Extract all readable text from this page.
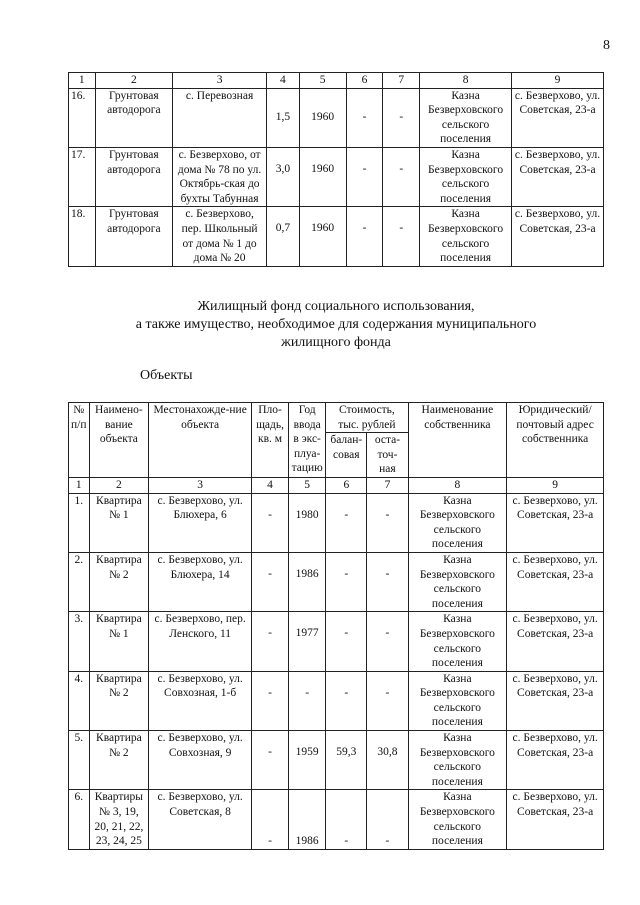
8
1	2	3	4	5	6	7	8	9
16.	Грунтовая автодорога	с. Перевозная	1,5	1960	-	-	Казна Безверховского сельского поселения	с. Безверхово, ул. Советская, 23-а
17.	Грунтовая автодорога	с. Безверхово, от дома № 78 по ул. Октябрь-ская до бухты Табунная	3,0	1960	-	-	Казна Безверховского сельского поселения	с. Безверхово, ул. Советская, 23-а
18.	Грунтовая автодорога	с. Безверхово, пер. Школьный от дома № 1 до дома № 20	0,7	1960	-	-	Казна Безверховского сельского поселения	с. Безверхово, ул. Советская, 23-а
Жилищный фонд социального использования,
а также имущество, необходимое для содержания муниципального
жилищного фонда
Объекты
№ п/п	Наимено-вание объекта	Местонахожде-ние объекта	Пло-щадь, кв. м	Год ввода в экс-плуа-тацию	Стоимость, тыс. рублей		Наименование собственника	Юридический/ почтовый адрес собственника
					балан-совая	оста-точ-ная		
1	2	3	4	5	6	7	8	9
1.	Квартира № 1	с. Безверхово, ул. Блюхера, 6	-	1980	-	-	Казна Безверховского сельского поселения	с. Безверхово, ул. Советская, 23-а
2.	Квартира № 2	с. Безверхово, ул. Блюхера, 14	-	1986	-	-	Казна Безверховского сельского поселения	с. Безверхово, ул. Советская, 23-а
3.	Квартира № 1	с. Безверхово, пер. Ленского, 11	-	1977	-	-	Казна Безверховского сельского поселения	с. Безверхово, ул. Советская, 23-а
4.	Квартира № 2	с. Безверхово, ул. Совхозная, 1-б	-	-	-	-	Казна Безверховского сельского поселения	с. Безверхово, ул. Советская, 23-а
5.	Квартира № 2	с. Безверхово, ул. Совхозная, 9	-	1959	59,3	30,8	Казна Безверховского сельского поселения	с. Безверхово, ул. Советская, 23-а
6.	Квартиры № 3, 19, 20, 21, 22, 23, 24, 25	с. Безверхово, ул. Советская, 8	-	1986	-	-	Казна Безверховского сельского поселения	с. Безверхово, ул. Советская, 23-а
